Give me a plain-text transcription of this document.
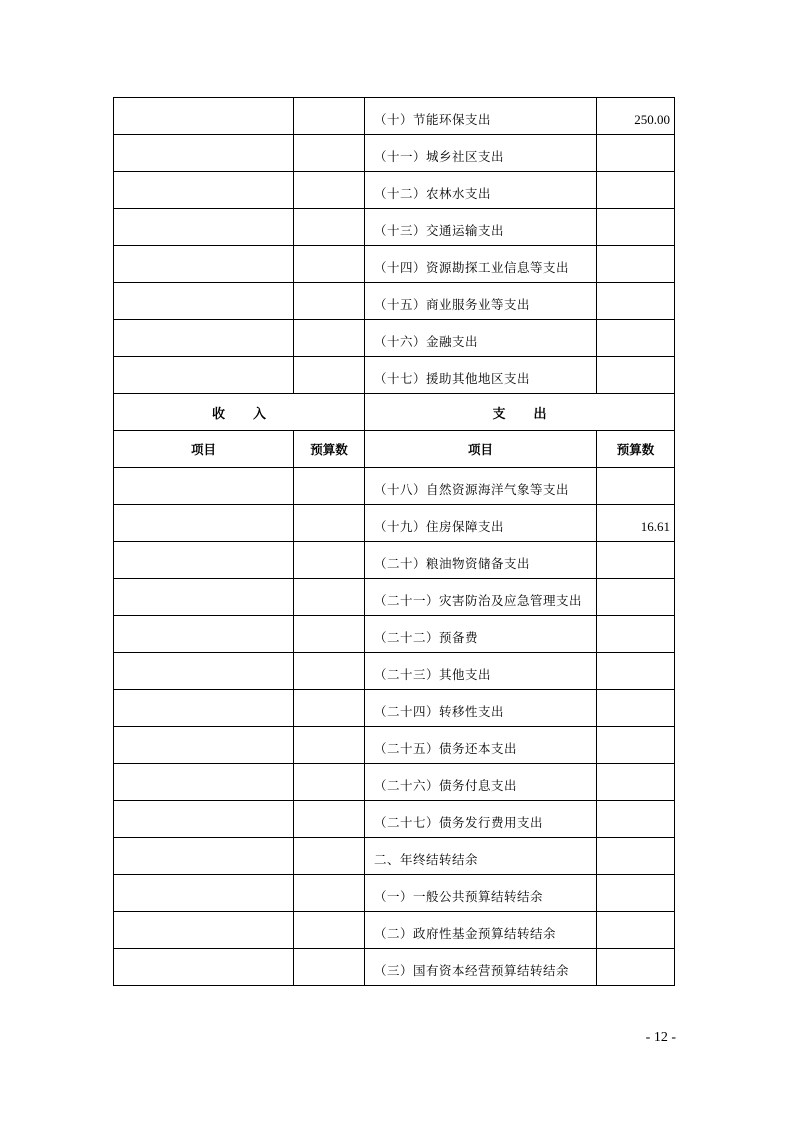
		（十）节能环保支出	250.00
		（十一）城乡社区支出	
		（十二）农林水支出	
		（十三）交通运输支出	
		（十四）资源勘探工业信息等支出	
		（十五）商业服务业等支出	
		（十六）金融支出	
		（十七）援助其他地区支出	
收入		支出	
项目	预算数	项目	预算数
		（十八）自然资源海洋气象等支出	
		（十九）住房保障支出	16.61
		（二十）粮油物资储备支出	
		（二十一）灾害防治及应急管理支出	
		（二十二）预备费	
		（二十三）其他支出	
		（二十四）转移性支出	
		（二十五）债务还本支出	
		（二十六）债务付息支出	
		（二十七）债务发行费用支出	
		二、年终结转结余	
		（一）一般公共预算结转结余	
		（二）政府性基金预算结转结余	
		（三）国有资本经营预算结转结余	
- 12 -
